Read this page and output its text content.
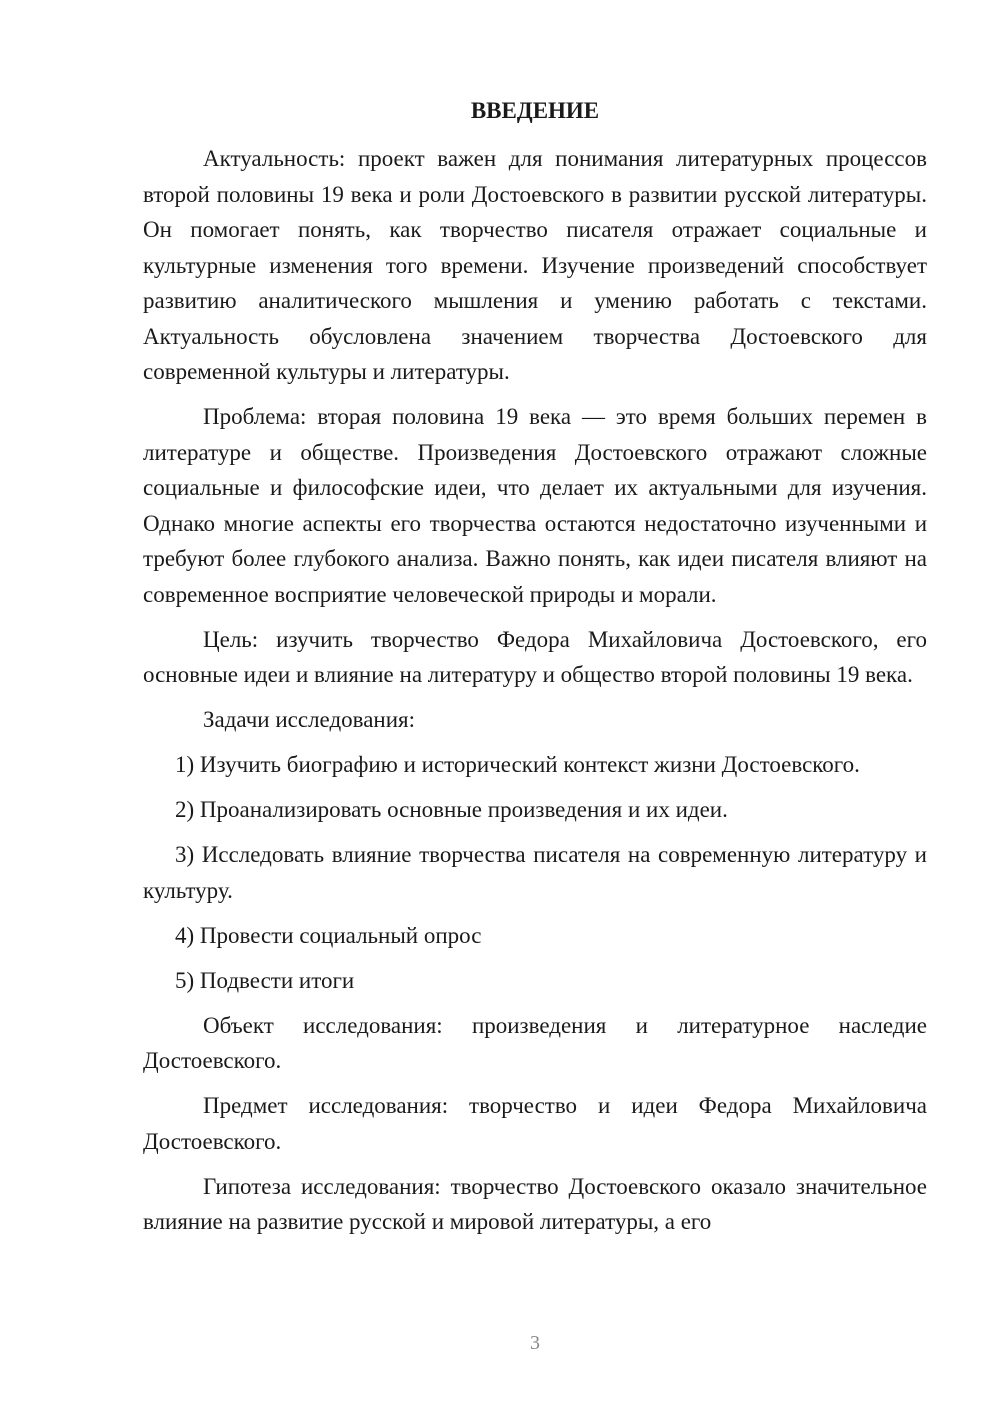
ВВЕДЕНИЕ

Актуальность: проект важен для понимания литературных процессов второй половины 19 века и роли Достоевского в развитии русской литературы. Он помогает понять, как творчество писателя отражает социальные и культурные изменения того времени. Изучение произведений способствует развитию аналитического мышления и умению работать с текстами. Актуальность обусловлена значением творчества Достоевского для современной культуры и литературы.

Проблема: вторая половина 19 века — это время больших перемен в литературе и обществе. Произведения Достоевского отражают сложные социальные и философские идеи, что делает их актуальными для изучения. Однако многие аспекты его творчества остаются недостаточно изученными и требуют более глубокого анализа. Важно понять, как идеи писателя влияют на современное восприятие человеческой природы и морали.

Цель: изучить творчество Федора Михайловича Достоевского, его основные идеи и влияние на литературу и общество второй половины 19 века.

Задачи исследования:

1) Изучить биографию и исторический контекст жизни Достоевского.

2) Проанализировать основные произведения и их идеи.

3) Исследовать влияние творчества писателя на современную литературу и культуру.

4) Провести социальный опрос

5) Подвести итоги

Объект исследования: произведения и литературное наследие Достоевского.

Предмет исследования: творчество и идеи Федора Михайловича Достоевского.

Гипотеза исследования: творчество Достоевского оказало значительное влияние на развитие русской и мировой литературы, а его

3
